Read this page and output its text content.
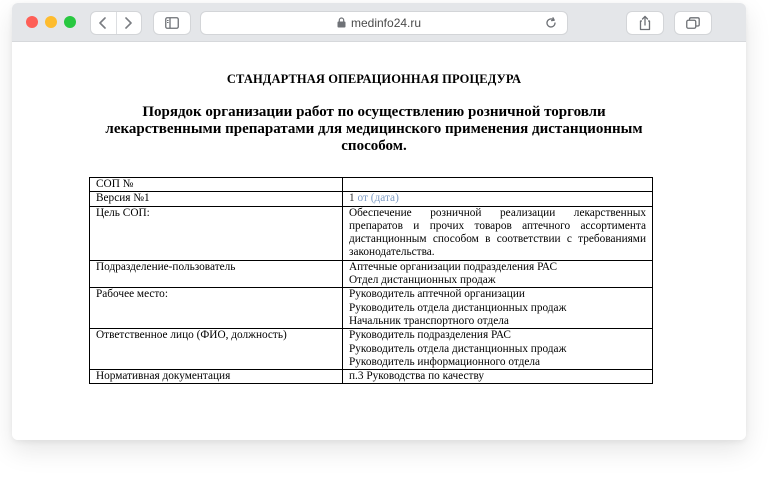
medinfo24.ru
СТАНДАРТНАЯ ОПЕРАЦИОННАЯ ПРОЦЕДУРА
Порядок организации работ по осуществлению розничной торговли лекарственными препаратами для медицинского применения дистанционным способом.
СОП №	
Версия №1	1 от (дата)
Цель СОП:	Обеспечение розничной реализации лекарственных препаратов и прочих товаров аптечного ассортимента дистанционным способом в соответствии с требованиями законодательства.
Подразделение-пользователь	Аптечные организации подразделения РАС
Отдел дистанционных продаж

Рабочее место:	Руководитель аптечной организации
Руководитель отдела дистанционных продаж
Начальник транспортного отдела

Ответственное лицо (ФИО, должность)	Руководитель подразделения РАС
Руководитель отдела дистанционных продаж
Руководитель информационного отдела

Нормативная документация	п.3 Руководства по качеству
